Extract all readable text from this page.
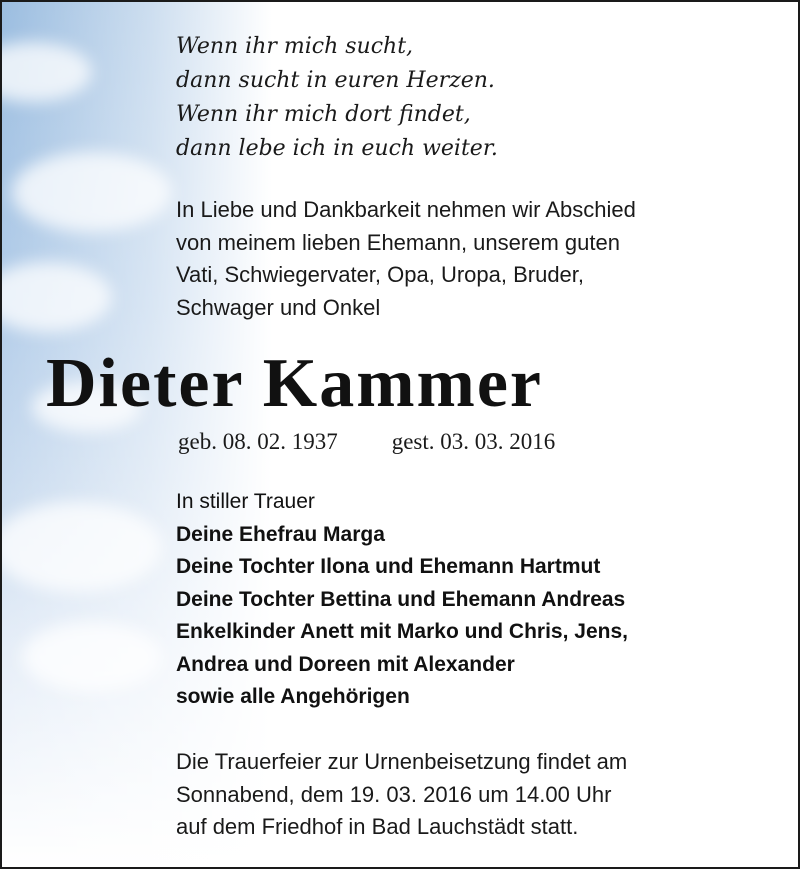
Wenn ihr mich sucht,
dann sucht in euren Herzen.
Wenn ihr mich dort findet,
dann lebe ich in euch weiter.

In Liebe und Dankbarkeit nehmen wir Abschied
von meinem lieben Ehemann, unserem guten
Vati, Schwiegervater, Opa, Uropa, Bruder,
Schwager und Onkel

Dieter Kammer
geb. 08. 02. 1937 gest. 03. 03. 2016
In stiller Trauer
Deine Ehefrau Marga
Deine Tochter Ilona und Ehemann Hartmut
Deine Tochter Bettina und Ehemann Andreas
Enkelkinder Anett mit Marko und Chris, Jens,
Andrea und Doreen mit Alexander
sowie alle Angehörigen
Die Trauerfeier zur Urnenbeisetzung findet am
Sonnabend, dem 19. 03. 2016 um 14.00 Uhr
auf dem Friedhof in Bad Lauchstädt statt.
